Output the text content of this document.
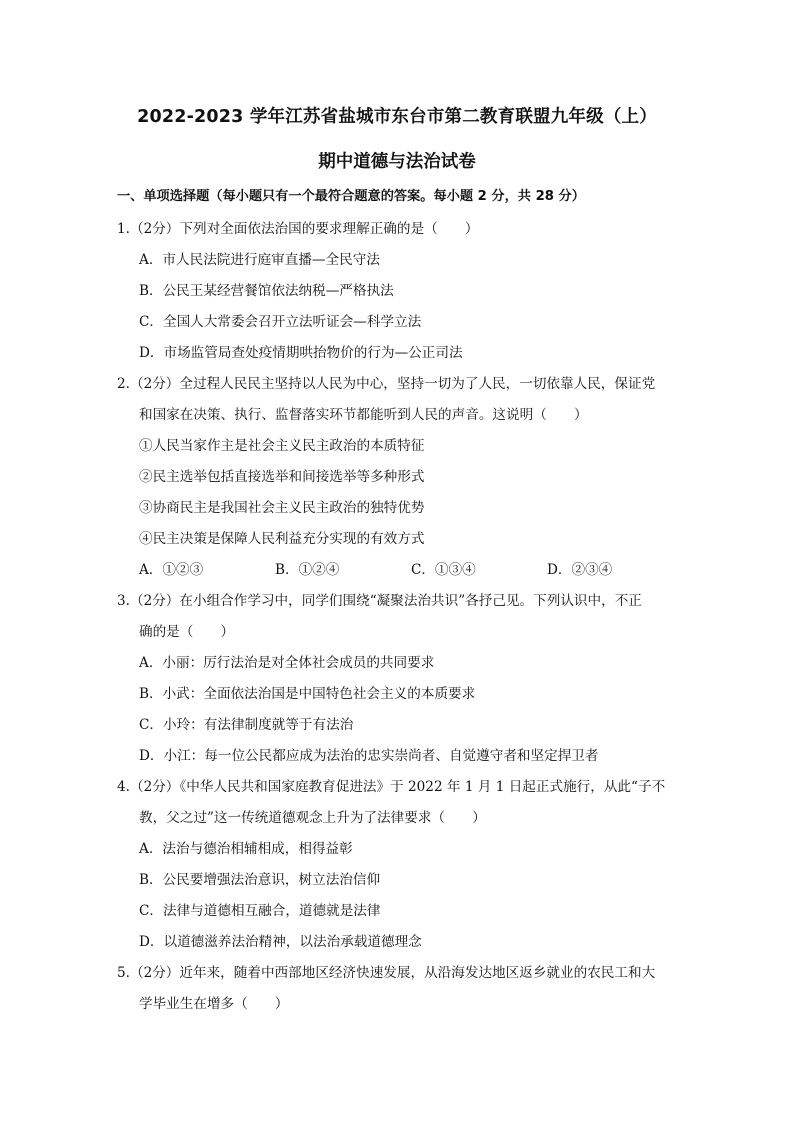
2022-2023 学年江苏省盐城市东台市第二教育联盟九年级（上）
期中道德与法治试卷
一、单项选择题（每小题只有一个最符合题意的答案。每小题 2 分，共 28 分）
1.（2分）下列对全面依法治国的要求理解正确的是（　　）
A．市人民法院进行庭审直播—全民守法
B．公民王某经营餐馆依法纳税—严格执法
C．全国人大常委会召开立法听证会—科学立法
D．市场监管局查处疫情期哄抬物价的行为—公正司法
2.（2分）全过程人民民主坚持以人民为中心，坚持一切为了人民，一切依靠人民，保证党
和国家在决策、执行、监督落实环节都能听到人民的声音。这说明（　　）
①人民当家作主是社会主义民主政治的本质特征
②民主选举包括直接选举和间接选举等多种形式
③协商民主是我国社会主义民主政治的独特优势
④民主决策是保障人民利益充分实现的有效方式
A．①②③	B．①②④	C．①③④	D．②③④
3.（2分）在小组合作学习中，同学们围绕“凝聚法治共识”各抒己见。下列认识中，不正
确的是（　　）
A．小丽：厉行法治是对全体社会成员的共同要求
B．小武：全面依法治国是中国特色社会主义的本质要求
C．小玲：有法律制度就等于有法治
D．小江：每一位公民都应成为法治的忠实崇尚者、自觉遵守者和坚定捍卫者
4.（2分）《中华人民共和国家庭教育促进法》于 2022 年 1 月 1 日起正式施行，从此“子不
教，父之过”这一传统道德观念上升为了法律要求（　　）
A．法治与德治相辅相成，相得益彰
B．公民要增强法治意识，树立法治信仰
C．法律与道德相互融合，道德就是法律
D．以道德滋养法治精神，以法治承载道德理念
5.（2分）近年来，随着中西部地区经济快速发展，从沿海发达地区返乡就业的农民工和大
学毕业生在增多（　　）
